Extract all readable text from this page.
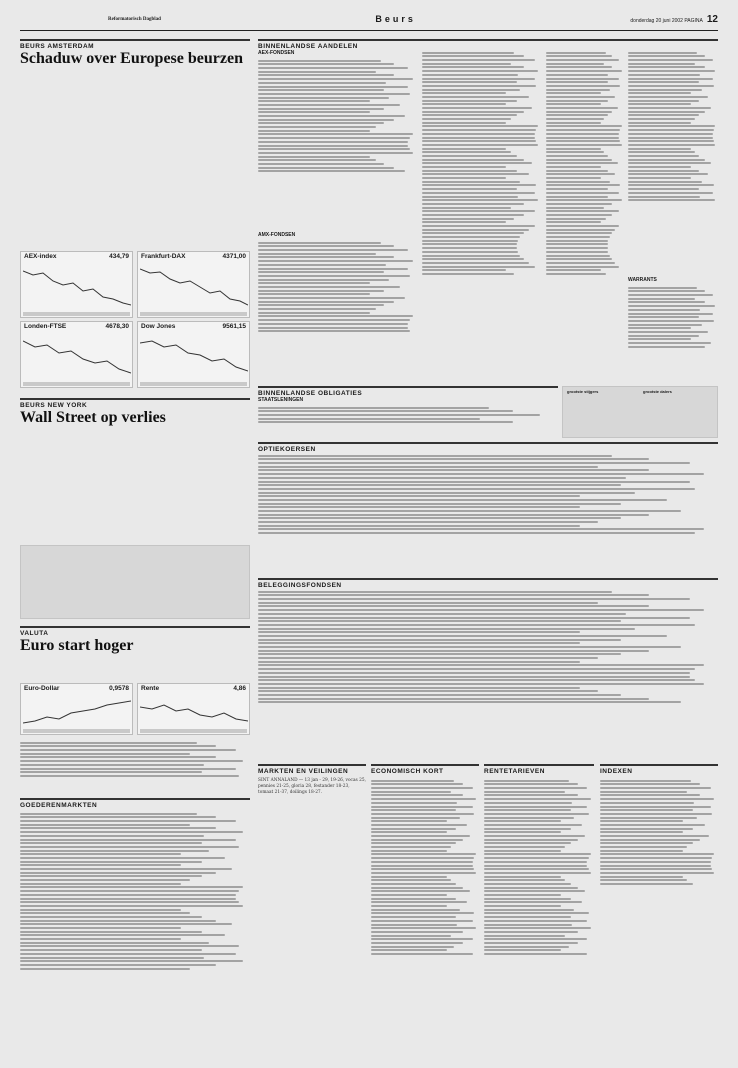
Reformatorisch Dagblad	Beurs	donderdag 20 juni 2002 PAGINA 12
BEURS AMSTERDAM
Schaduw over Europese beurzen
AEX-index	434,79 Frankfurt-DAX	4371,00
Londen-FTSE	4678,30 Dow Jones	9561,15
BEURS NEW YORK
Wall Street op verlies
VALUTA
Euro start hoger
Euro-Dollar	0,9578 Rente	4,86
GOEDERENMARKTEN
BINNENLANDSE AANDELEN
AEX-FONDSEN
AMX-FONDSEN
WARRANTS
BINNENLANDSE OBLIGATIES
STAATSLENINGEN
grootste stijgers	grootste dalers
OPTIEKOERSEN
BELEGGINGSFONDSEN
MARKTEN EN VEILINGEN
SINT ANNALAND — 13 jan - 29, 19-26, vocas 25, pennies 21-25, gloria 28, festander 18-23, tomaat 21-37, doilings 18-27.
ECONOMISCH KORT	RENTETARIEVEN	INDEXEN
